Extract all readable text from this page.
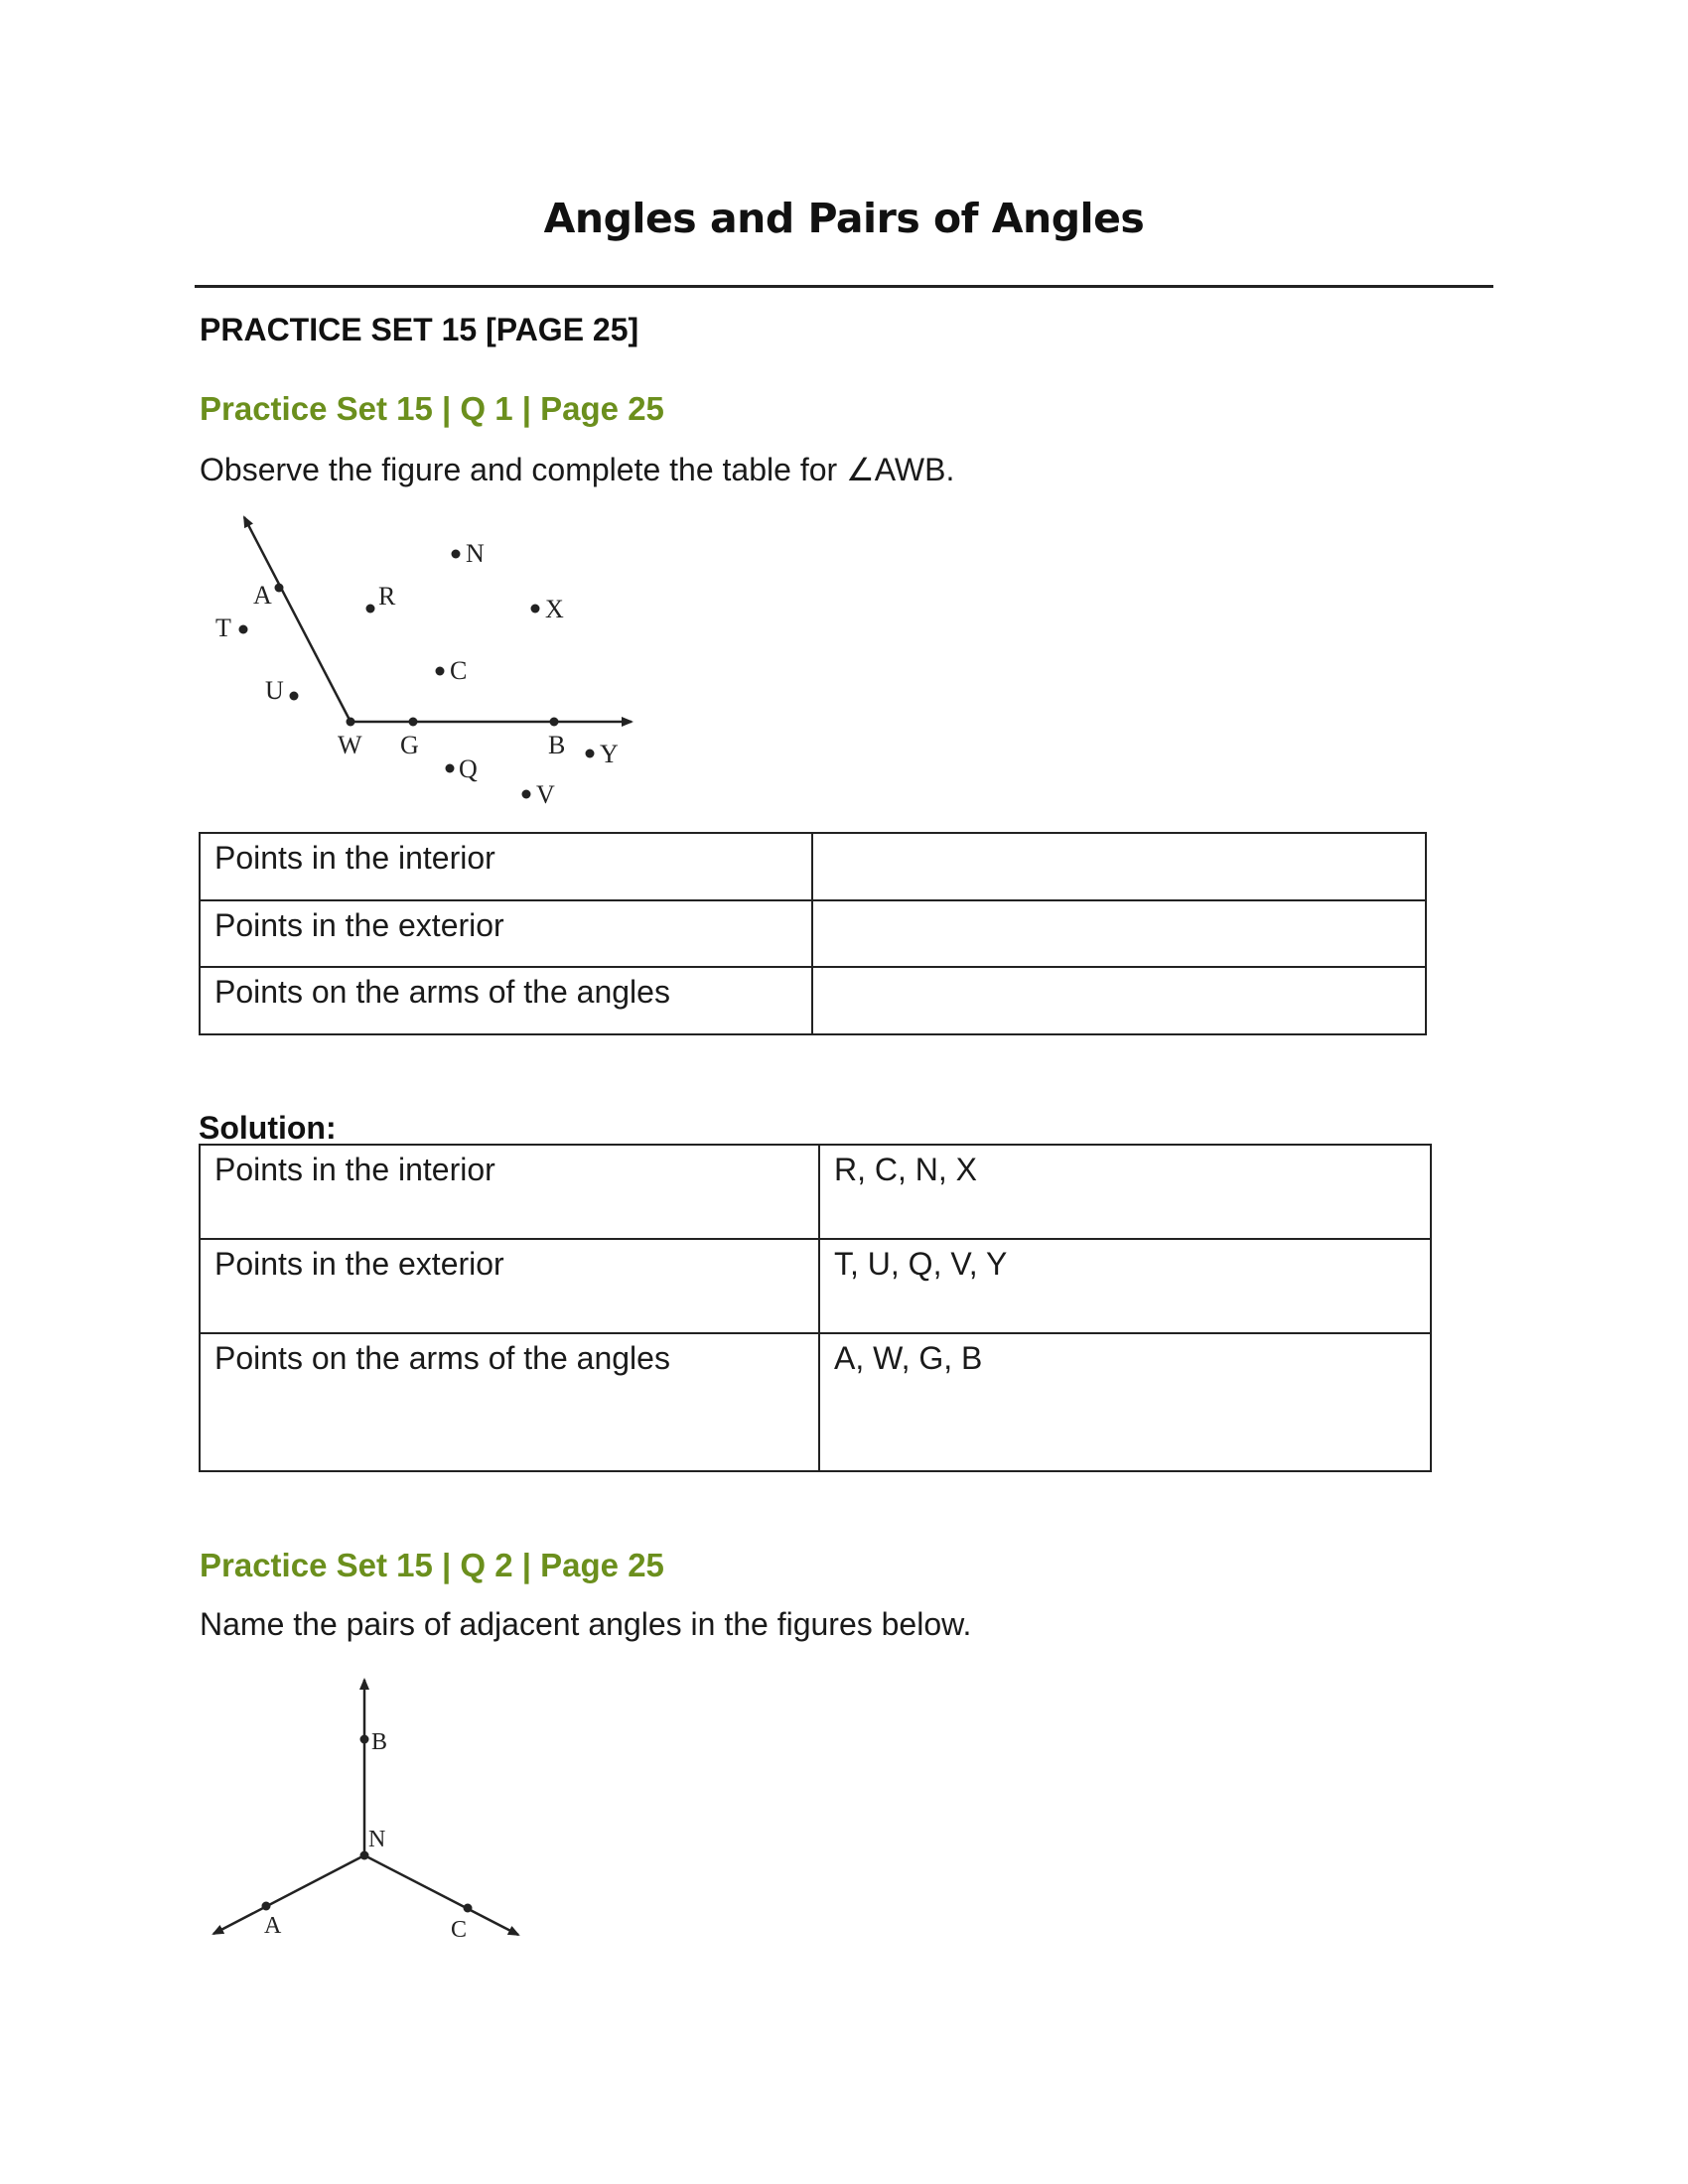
Angles and Pairs of Angles
PRACTICE SET 15 [PAGE 25]
Practice Set 15 | Q 1 | Page 25
Observe the figure and complete the table for ∠AWB.
N
A	R	X
T
C
U
W G	B Y
Q
V
Points in the interior	
Points in the exterior	
Points on the arms of the angles	
Solution:
Points in the interior	R, C, N, X
Points in the exterior	T, U, Q, V, Y
Points on the arms of the angles	A, W, G, B
Practice Set 15 | Q 2 | Page 25
Name the pairs of adjacent angles in the figures below.
B
N
A	C
